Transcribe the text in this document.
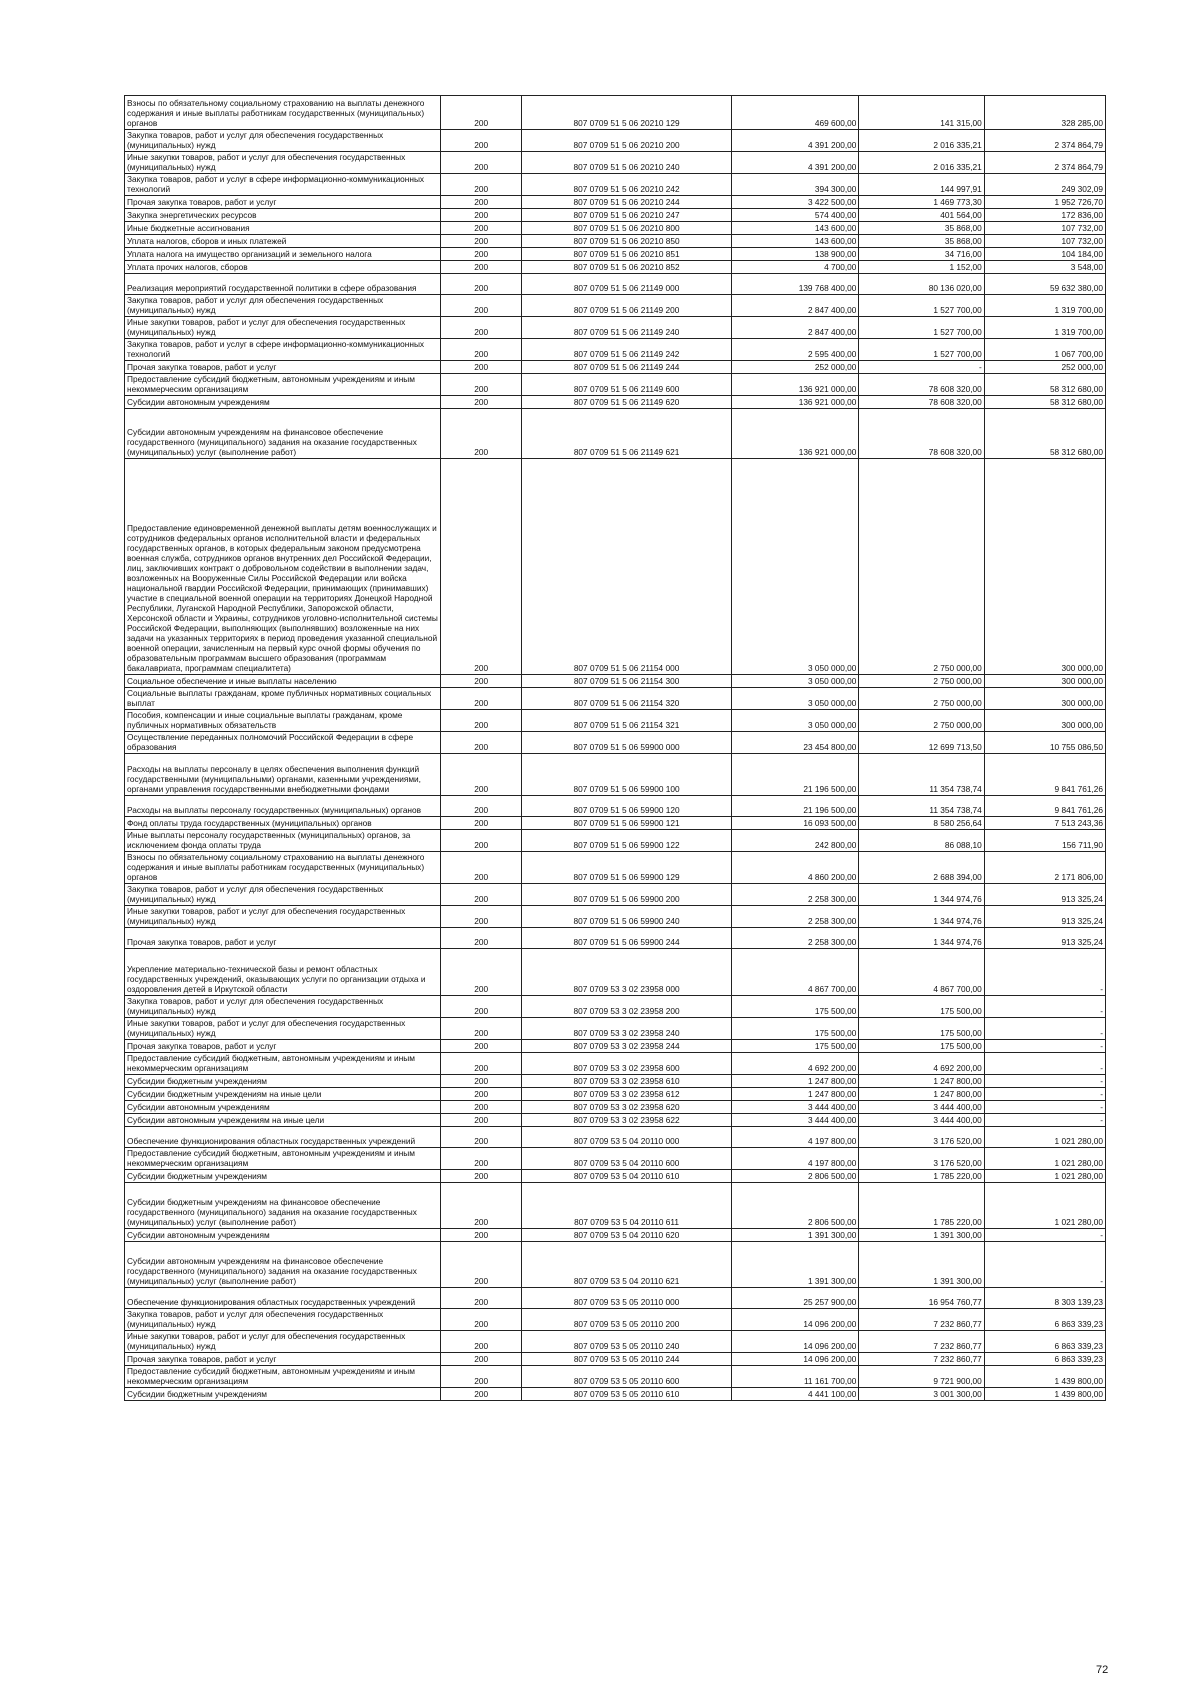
Взносы по обязательному социальному страхованию на выплаты денежного содержания и иные выплаты работникам государственных (муниципальных) органов	200	807 0709 51 5 06 20210 129	469 600,00	141 315,00	328 285,00
Закупка товаров, работ и услуг для обеспечения государственных (муниципальных) нужд	200	807 0709 51 5 06 20210 200	4 391 200,00	2 016 335,21	2 374 864,79
Иные закупки товаров, работ и услуг для обеспечения государственных (муниципальных) нужд	200	807 0709 51 5 06 20210 240	4 391 200,00	2 016 335,21	2 374 864,79
Закупка товаров, работ и услуг в сфере информационно-коммуникационных технологий	200	807 0709 51 5 06 20210 242	394 300,00	144 997,91	249 302,09
Прочая закупка товаров, работ и услуг	200	807 0709 51 5 06 20210 244	3 422 500,00	1 469 773,30	1 952 726,70
Закупка энергетических ресурсов	200	807 0709 51 5 06 20210 247	574 400,00	401 564,00	172 836,00
Иные бюджетные ассигнования	200	807 0709 51 5 06 20210 800	143 600,00	35 868,00	107 732,00
Уплата налогов, сборов и иных платежей	200	807 0709 51 5 06 20210 850	143 600,00	35 868,00	107 732,00
Уплата налога на имущество организаций и земельного налога	200	807 0709 51 5 06 20210 851	138 900,00	34 716,00	104 184,00
Уплата прочих налогов, сборов	200	807 0709 51 5 06 20210 852	4 700,00	1 152,00	3 548,00
Реализация мероприятий государственной политики в сфере образования	200	807 0709 51 5 06 21149 000	139 768 400,00	80 136 020,00	59 632 380,00
Закупка товаров, работ и услуг для обеспечения государственных (муниципальных) нужд	200	807 0709 51 5 06 21149 200	2 847 400,00	1 527 700,00	1 319 700,00
Иные закупки товаров, работ и услуг для обеспечения государственных (муниципальных) нужд	200	807 0709 51 5 06 21149 240	2 847 400,00	1 527 700,00	1 319 700,00
Закупка товаров, работ и услуг в сфере информационно-коммуникационных технологий	200	807 0709 51 5 06 21149 242	2 595 400,00	1 527 700,00	1 067 700,00
Прочая закупка товаров, работ и услуг	200	807 0709 51 5 06 21149 244	252 000,00	-	252 000,00
Предоставление субсидий бюджетным, автономным учреждениям и иным некоммерческим организациям	200	807 0709 51 5 06 21149 600	136 921 000,00	78 608 320,00	58 312 680,00
Субсидии автономным учреждениям	200	807 0709 51 5 06 21149 620	136 921 000,00	78 608 320,00	58 312 680,00
Субсидии автономным учреждениям на финансовое обеспечение государственного (муниципального) задания на оказание государственных (муниципальных) услуг (выполнение работ)	200	807 0709 51 5 06 21149 621	136 921 000,00	78 608 320,00	58 312 680,00
Предоставление единовременной денежной выплаты детям военнослужащих и сотрудников федеральных органов исполнительной власти и федеральных государственных органов, в которых федеральным законом предусмотрена военная служба, сотрудников органов внутренних дел Российской Федерации, лиц, заключивших контракт о добровольном содействии в выполнении задач, возложенных на Вооруженные Силы Российской Федерации или войска национальной гвардии Российской Федерации, принимающих (принимавших) участие в специальной военной операции на территориях Донецкой Народной Республики, Луганской Народной Республики, Запорожской области, Херсонской области и Украины, сотрудников уголовно-исполнительной системы Российской Федерации, выполняющих (выполнявших) возложенные на них задачи на указанных территориях в период проведения указанной специальной военной операции, зачисленным на первый курс очной формы обучения по образовательным программам высшего образования (программам бакалавриата, программам специалитета)	200	807 0709 51 5 06 21154 000	3 050 000,00	2 750 000,00	300 000,00
Социальное обеспечение и иные выплаты населению	200	807 0709 51 5 06 21154 300	3 050 000,00	2 750 000,00	300 000,00
Социальные выплаты гражданам, кроме публичных нормативных социальных выплат	200	807 0709 51 5 06 21154 320	3 050 000,00	2 750 000,00	300 000,00
Пособия, компенсации и иные социальные выплаты гражданам, кроме публичных нормативных обязательств	200	807 0709 51 5 06 21154 321	3 050 000,00	2 750 000,00	300 000,00
Осуществление переданных полномочий Российской Федерации в сфере образования	200	807 0709 51 5 06 59900 000	23 454 800,00	12 699 713,50	10 755 086,50
Расходы на выплаты персоналу в целях обеспечения выполнения функций государственными (муниципальными) органами, казенными учреждениями, органами управления государственными внебюджетными фондами	200	807 0709 51 5 06 59900 100	21 196 500,00	11 354 738,74	9 841 761,26
Расходы на выплаты персоналу государственных (муниципальных) органов	200	807 0709 51 5 06 59900 120	21 196 500,00	11 354 738,74	9 841 761,26
Фонд оплаты труда государственных (муниципальных) органов	200	807 0709 51 5 06 59900 121	16 093 500,00	8 580 256,64	7 513 243,36
Иные выплаты персоналу государственных (муниципальных) органов, за исключением фонда оплаты труда	200	807 0709 51 5 06 59900 122	242 800,00	86 088,10	156 711,90
Взносы по обязательному социальному страхованию на выплаты денежного содержания и иные выплаты работникам государственных (муниципальных) органов	200	807 0709 51 5 06 59900 129	4 860 200,00	2 688 394,00	2 171 806,00
Закупка товаров, работ и услуг для обеспечения государственных (муниципальных) нужд	200	807 0709 51 5 06 59900 200	2 258 300,00	1 344 974,76	913 325,24
Иные закупки товаров, работ и услуг для обеспечения государственных (муниципальных) нужд	200	807 0709 51 5 06 59900 240	2 258 300,00	1 344 974,76	913 325,24
Прочая закупка товаров, работ и услуг	200	807 0709 51 5 06 59900 244	2 258 300,00	1 344 974,76	913 325,24
Укрепление материально-технической базы и ремонт областных государственных учреждений, оказывающих услуги по организации отдыха и оздоровления детей в Иркутской области	200	807 0709 53 3 02 23958 000	4 867 700,00	4 867 700,00	-
Закупка товаров, работ и услуг для обеспечения государственных (муниципальных) нужд	200	807 0709 53 3 02 23958 200	175 500,00	175 500,00	-
Иные закупки товаров, работ и услуг для обеспечения государственных (муниципальных) нужд	200	807 0709 53 3 02 23958 240	175 500,00	175 500,00	-
Прочая закупка товаров, работ и услуг	200	807 0709 53 3 02 23958 244	175 500,00	175 500,00	-
Предоставление субсидий бюджетным, автономным учреждениям и иным некоммерческим организациям	200	807 0709 53 3 02 23958 600	4 692 200,00	4 692 200,00	-
Субсидии бюджетным учреждениям	200	807 0709 53 3 02 23958 610	1 247 800,00	1 247 800,00	-
Субсидии бюджетным учреждениям на иные цели	200	807 0709 53 3 02 23958 612	1 247 800,00	1 247 800,00	-
Субсидии автономным учреждениям	200	807 0709 53 3 02 23958 620	3 444 400,00	3 444 400,00	-
Субсидии автономным учреждениям на иные цели	200	807 0709 53 3 02 23958 622	3 444 400,00	3 444 400,00	-
Обеспечение функционирования областных государственных учреждений	200	807 0709 53 5 04 20110 000	4 197 800,00	3 176 520,00	1 021 280,00
Предоставление субсидий бюджетным, автономным учреждениям и иным некоммерческим организациям	200	807 0709 53 5 04 20110 600	4 197 800,00	3 176 520,00	1 021 280,00
Субсидии бюджетным учреждениям	200	807 0709 53 5 04 20110 610	2 806 500,00	1 785 220,00	1 021 280,00
Субсидии бюджетным учреждениям на финансовое обеспечение государственного (муниципального) задания на оказание государственных (муниципальных) услуг (выполнение работ)	200	807 0709 53 5 04 20110 611	2 806 500,00	1 785 220,00	1 021 280,00
Субсидии автономным учреждениям	200	807 0709 53 5 04 20110 620	1 391 300,00	1 391 300,00	-
Субсидии автономным учреждениям на финансовое обеспечение государственного (муниципального) задания на оказание государственных (муниципальных) услуг (выполнение работ)	200	807 0709 53 5 04 20110 621	1 391 300,00	1 391 300,00	-
Обеспечение функционирования областных государственных учреждений	200	807 0709 53 5 05 20110 000	25 257 900,00	16 954 760,77	8 303 139,23
Закупка товаров, работ и услуг для обеспечения государственных (муниципальных) нужд	200	807 0709 53 5 05 20110 200	14 096 200,00	7 232 860,77	6 863 339,23
Иные закупки товаров, работ и услуг для обеспечения государственных (муниципальных) нужд	200	807 0709 53 5 05 20110 240	14 096 200,00	7 232 860,77	6 863 339,23
Прочая закупка товаров, работ и услуг	200	807 0709 53 5 05 20110 244	14 096 200,00	7 232 860,77	6 863 339,23
Предоставление субсидий бюджетным, автономным учреждениям и иным некоммерческим организациям	200	807 0709 53 5 05 20110 600	11 161 700,00	9 721 900,00	1 439 800,00
Субсидии бюджетным учреждениям	200	807 0709 53 5 05 20110 610	4 441 100,00	3 001 300,00	1 439 800,00
72
